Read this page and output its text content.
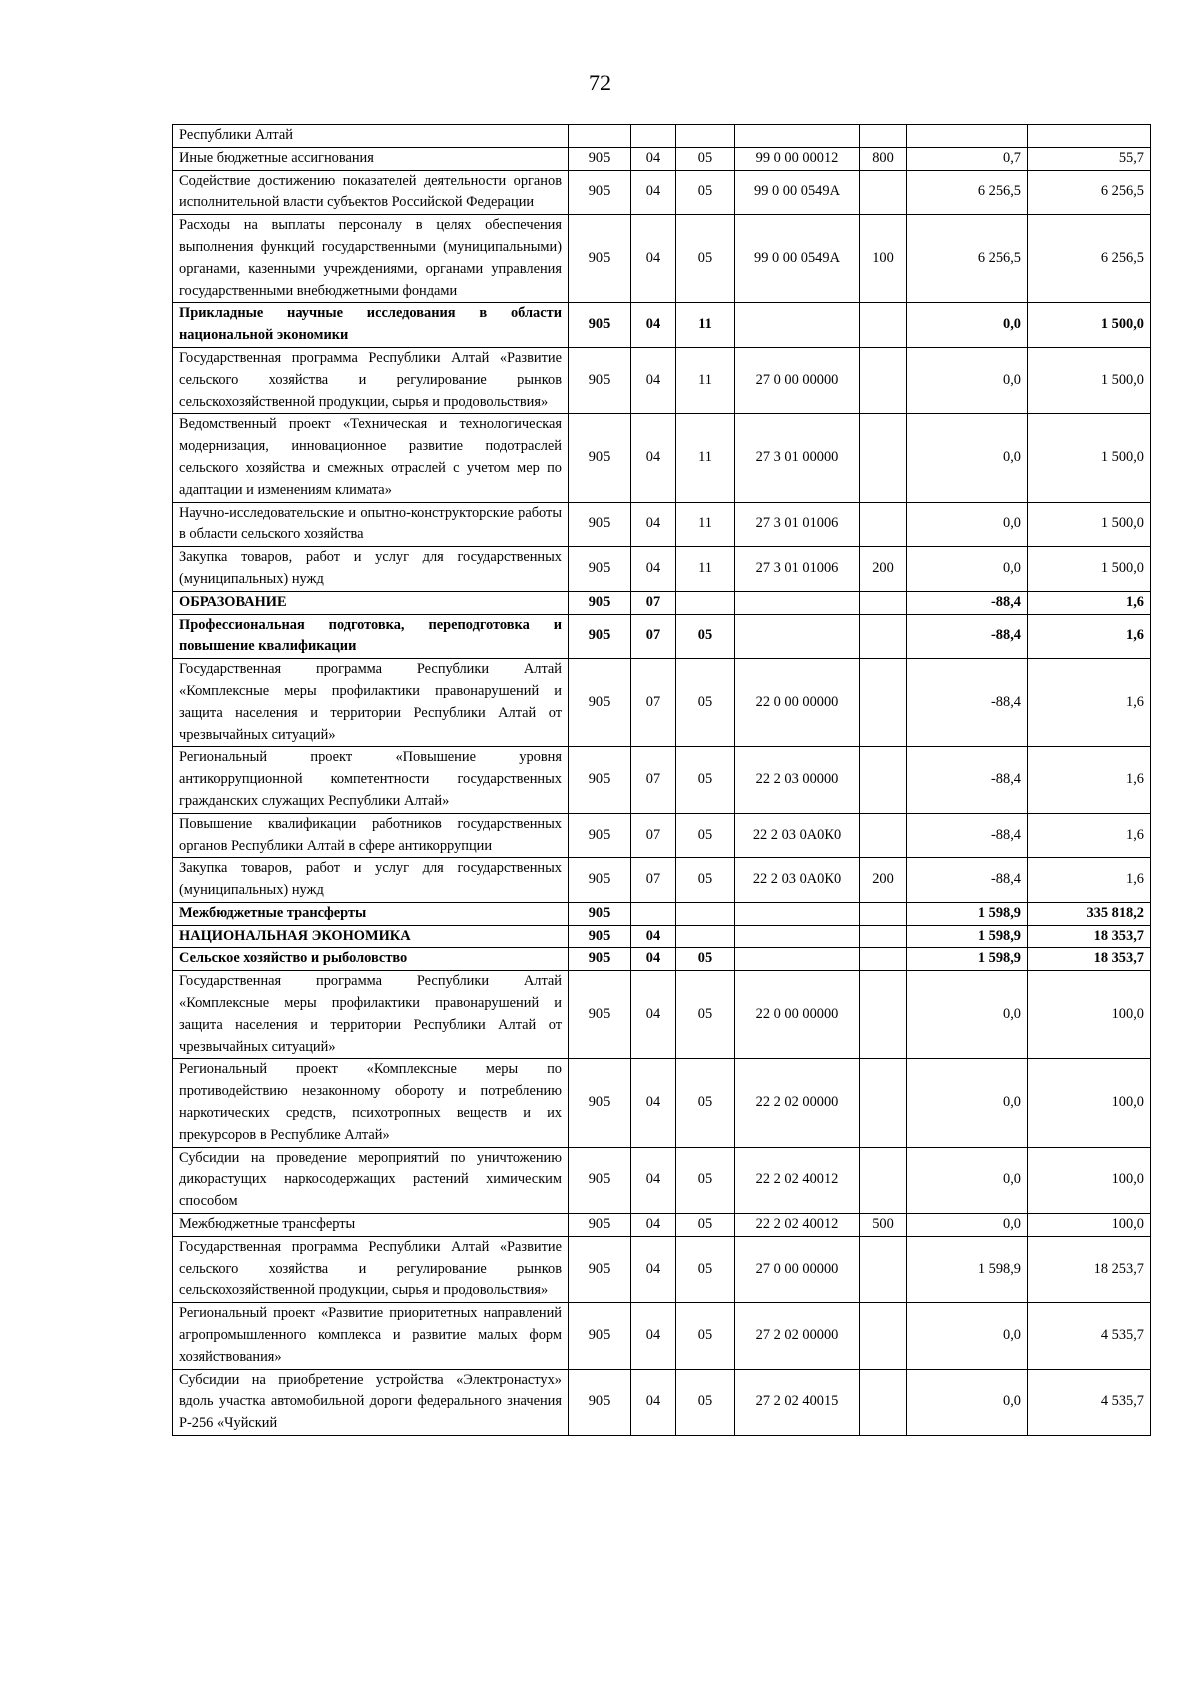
72
Республики Алтай							
Иные бюджетные ассигнования	905	04	05	99 0 00 00012	800	0,7	55,7
Содействие достижению показателей деятельности органов исполнительной власти субъектов Российской Федерации	905	04	05	99 0 00 0549А		6 256,5	6 256,5
Расходы на выплаты персоналу в целях обеспечения выполнения функций государственными (муниципальными) органами, казенными учреждениями, органами управления государственными внебюджетными фондами	905	04	05	99 0 00 0549А	100	6 256,5	6 256,5
Прикладные научные исследования в области национальной экономики	905	04	11			0,0	1 500,0
Государственная программа Республики Алтай «Развитие сельского хозяйства и регулирование рынков сельскохозяйственной продукции, сырья и продовольствия»	905	04	11	27 0 00 00000		0,0	1 500,0
Ведомственный проект «Техническая и технологическая модернизация, инновационное развитие подотраслей сельского хозяйства и смежных отраслей с учетом мер по адаптации и изменениям климата»	905	04	11	27 3 01 00000		0,0	1 500,0
Научно-исследовательские и опытно-конструкторские работы в области сельского хозяйства	905	04	11	27 3 01 01006		0,0	1 500,0
Закупка товаров, работ и услуг для государственных (муниципальных) нужд	905	04	11	27 3 01 01006	200	0,0	1 500,0
ОБРАЗОВАНИЕ	905	07				-88,4	1,6
Профессиональная подготовка, переподготовка и повышение квалификации	905	07	05			-88,4	1,6
Государственная программа Республики Алтай «Комплексные меры профилактики правонарушений и защита населения и территории Республики Алтай от чрезвычайных ситуаций»	905	07	05	22 0 00 00000		-88,4	1,6
Региональный проект «Повышение уровня антикоррупционной компетентности государственных гражданских служащих Республики Алтай»	905	07	05	22 2 03 00000		-88,4	1,6
Повышение квалификации работников государственных органов Республики Алтай в сфере антикоррупции	905	07	05	22 2 03 0А0К0		-88,4	1,6
Закупка товаров, работ и услуг для государственных (муниципальных) нужд	905	07	05	22 2 03 0А0К0	200	-88,4	1,6
Межбюджетные трансферты	905					1 598,9	335 818,2
НАЦИОНАЛЬНАЯ ЭКОНОМИКА	905	04				1 598,9	18 353,7
Сельское хозяйство и рыболовство	905	04	05			1 598,9	18 353,7
Государственная программа Республики Алтай «Комплексные меры профилактики правонарушений и защита населения и территории Республики Алтай от чрезвычайных ситуаций»	905	04	05	22 0 00 00000		0,0	100,0
Региональный проект «Комплексные меры по противодействию незаконному обороту и потреблению наркотических средств, психотропных веществ и их прекурсоров в Республике Алтай»	905	04	05	22 2 02 00000		0,0	100,0
Субсидии на проведение мероприятий по уничтожению дикорастущих наркосодержащих растений химическим способом	905	04	05	22 2 02 40012		0,0	100,0
Межбюджетные трансферты	905	04	05	22 2 02 40012	500	0,0	100,0
Государственная программа Республики Алтай «Развитие сельского хозяйства и регулирование рынков сельскохозяйственной продукции, сырья и продовольствия»	905	04	05	27 0 00 00000		1 598,9	18 253,7
Региональный проект «Развитие приоритетных направлений агропромышленного комплекса и развитие малых форм хозяйствования»	905	04	05	27 2 02 00000		0,0	4 535,7
Субсидии на приобретение устройства «Электронастух» вдоль участка автомобильной дороги федерального значения Р-256 «Чуйский	905	04	05	27 2 02 40015		0,0	4 535,7
